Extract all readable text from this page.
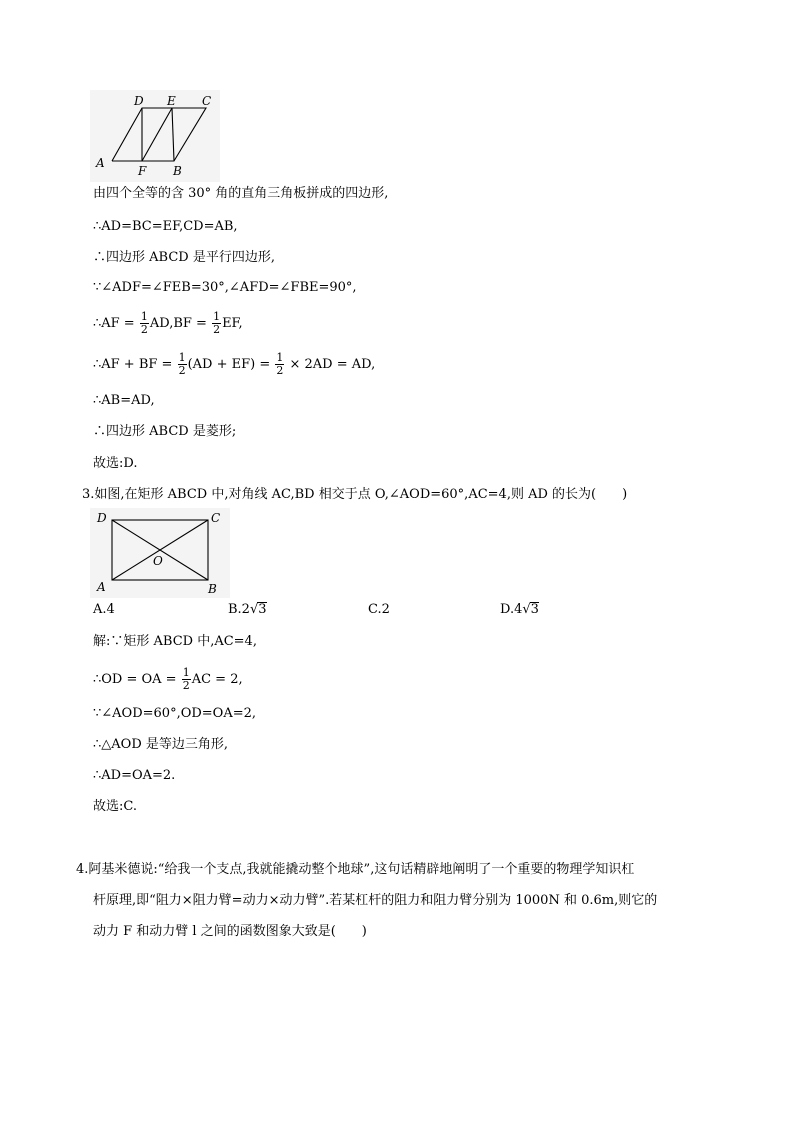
D E C
A
F B
由四个全等的含 30° 角的直角三角板拼成的四边形,
∴AD=BC=EF,CD=AB,
∴四边形 ABCD 是平行四边形,
∵∠ADF=∠FEB=30°,∠AFD=∠FBE=90°,
∴AF = $\frac{1}{2} AD,BF = \frac{1}{2}$ EF,
∴AF + BF = $\frac{1}{2} (AD + EF) = \frac{1}{2} \times 2AD$ = AD,
∴AB=AD,
∴四边形 ABCD 是菱形;
故选:D.
3.如图,在矩形 ABCD 中,对角线 AC,BD 相交于点 O,∠AOD=60°,AC=4,则 AD 的长为(　　)
D	C
O
A	B
A.4	B.2√3	C.2	D.4√3
解:∵矩形 ABCD 中,AC=4,
∴OD = OA = $\frac{1}{2}$ AC = 2,
∵∠AOD=60°,OD=OA=2,
∴△AOD 是等边三角形,
∴AD=OA=2.
故选:C.
4.阿基米德说:“给我一个支点,我就能撬动整个地球”,这句话精辟地阐明了一个重要的物理学知识杠
杆原理,即“阻力×阻力臂=动力×动力臂”.若某杠杆的阻力和阻力臂分别为 1000N 和 0.6m,则它的
动力 F 和动力臂 l 之间的函数图象大致是(　　)
